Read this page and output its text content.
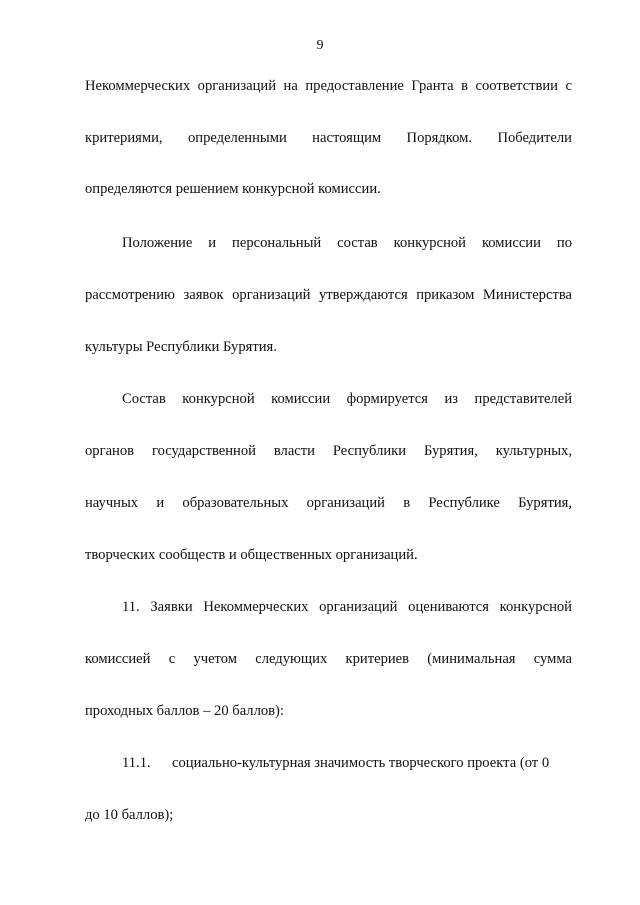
9
Некоммерческих организаций на предоставление Гранта в соответствии с
критериями, определенными настоящим Порядком. Победители
определяются решением конкурсной комиссии.
Положение и персональный состав конкурсной комиссии по
рассмотрению заявок организаций утверждаются приказом Министерства
культуры Республики Бурятия.
Состав конкурсной комиссии формируется из представителей
органов государственной власти Республики Бурятия, культурных,
научных и образовательных организаций в Республике Бурятия,
творческих сообществ и общественных организаций.
11. Заявки Некоммерческих организаций оцениваются конкурсной
комиссией с учетом следующих критериев (минимальная сумма
проходных баллов – 20 баллов):
11.1. социально-культурная значимость творческого проекта (от 0
до 10 баллов);
